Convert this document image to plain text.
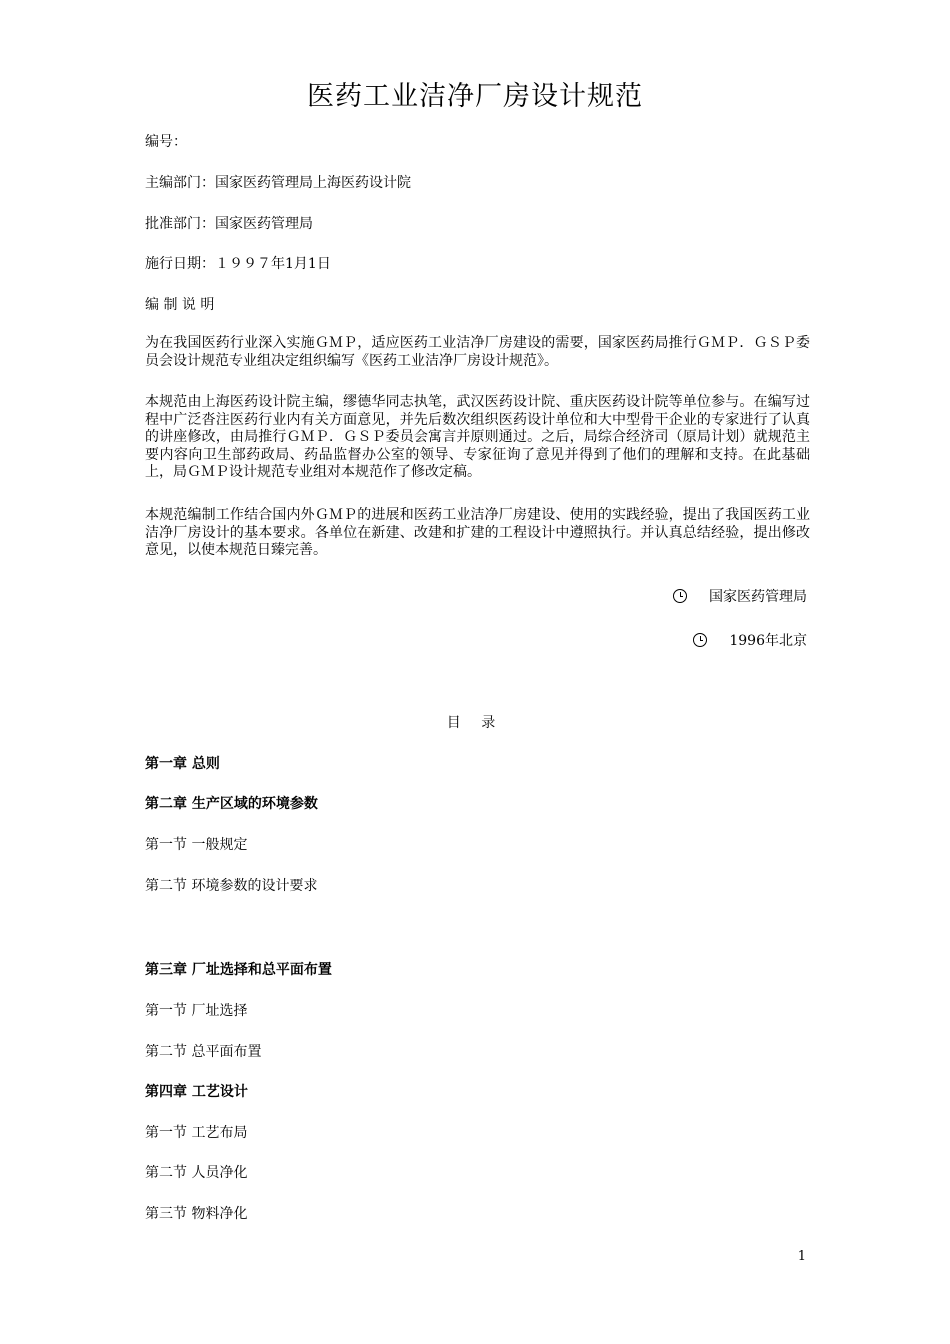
医药工业洁净厂房设计规范

编号：

主编部门：国家医药管理局上海医药设计院

批准部门：国家医药管理局

施行日期：１９９７年1月1日

编 制 说 明

为在我国医药行业深入实施ＧＭＰ，适应医药工业洁净厂房建设的需要，国家医药局推行ＧＭＰ．ＧＳＰ委员会设计规范专业组决定组织编写《医药工业洁净厂房设计规范》。

本规范由上海医药设计院主编，缪德华同志执笔，武汉医药设计院、重庆医药设计院等单位参与。在编写过程中广泛沓注医药行业内有关方面意见，并先后数次组织医药设计单位和大中型骨干企业的专家进行了认真的讲座修改，由局推行ＧＭＰ．ＧＳＰ委员会寓言并原则通过。之后，局综合经济司（原局计划）就规范主要内容向卫生部药政局、药品监督办公室的领导、专家征询了意见并得到了他们的理解和支持。在此基础上，局ＧＭＰ设计规范专业组对本规范作了修改定稿。

本规范编制工作结合国内外ＧＭＰ的进展和医药工业洁净厂房建设、使用的实践经验，提出了我国医药工业洁净厂房设计的基本要求。各单位在新建、改建和扩建的工程设计中遵照执行。并认真总结经验，提出修改意见，以使本规范日臻完善。

国家医药管理局
1996年北京
目 录
第一章 总则
第二章 生产区域的环境参数
第一节 一般规定
第二节 环境参数的设计要求
第三章 厂址选择和总平面布置
第一节 厂址选择
第二节 总平面布置
第四章 工艺设计
第一节 工艺布局
第二节 人员净化
第三节 物料净化
1
